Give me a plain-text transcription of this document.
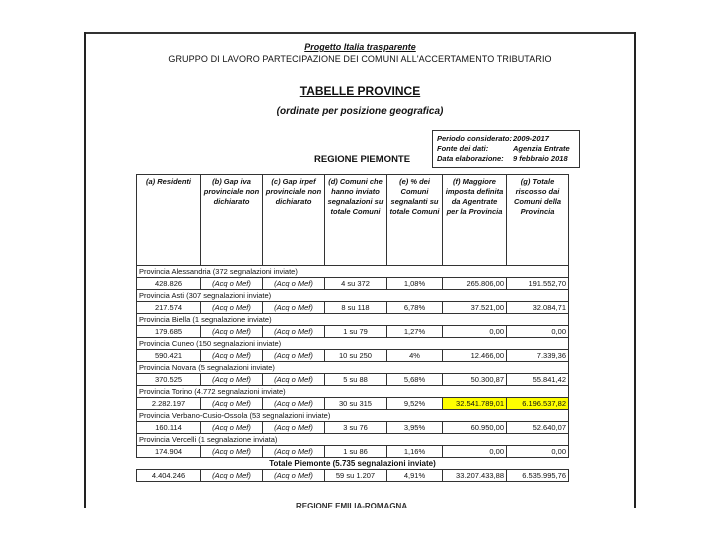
Progetto Italia trasparente
GRUPPO DI LAVORO PARTECIPAZIONE DEI COMUNI ALL'ACCERTAMENTO TRIBUTARIO
TABELLE PROVINCE
(ordinate per posizione geografica)
Periodo considerato: 2009-2017
Fonte dei dati:	Agenzia Entrate
Data elaborazione:	9 febbraio 2018
REGIONE PIEMONTE
(a) Residenti	(b) Gap iva provinciale non dichiarato	(c) Gap irpef provinciale non dichiarato	(d) Comuni che hanno inviato segnalazioni su totale Comuni	(e) % dei Comuni segnalanti su totale Comuni	(f) Maggiore imposta definita da Agentrate per la Provincia	(g) Totale riscosso dai Comuni della Provincia
Provincia Alessandria (372 segnalazioni inviate)						
428.826	(Acq o Mef)	(Acq o Mef)	4 su 372	1,08%	265.806,00	191.552,70
Provincia Asti (307 segnalazioni inviate)						
217.574	(Acq o Mef)	(Acq o Mef)	8 su 118	6,78%	37.521,00	32.084,71
Provincia Biella (1 segnalazione inviate)						
179.685	(Acq o Mef)	(Acq o Mef)	1 su 79	1,27%	0,00	0,00
Provincia Cuneo (150 segnalazioni inviate)						
590.421	(Acq o Mef)	(Acq o Mef)	10 su 250	4%	12.466,00	7.339,36
Provincia Novara (5 segnalazioni inviate)						
370.525	(Acq o Mef)	(Acq o Mef)	5 su 88	5,68%	50.300,87	55.841,42
Provincia Torino (4.772 segnalazioni inviate)						
2.282.197	(Acq o Mef)	(Acq o Mef)	30 su 315	9,52%	32.541.789,01	6.196.537,82
Provincia Verbano-Cusio-Ossola (53 segnalazioni inviate)						
160.114	(Acq o Mef)	(Acq o Mef)	3 su 76	3,95%	60.950,00	52.640,07
Provincia Vercelli (1 segnalazione inviata)						
174.904	(Acq o Mef)	(Acq o Mef)	1 su 86	1,16%	0,00	0,00
Totale Piemonte (5.735 segnalazioni inviate)						
4.404.246	(Acq o Mef)	(Acq o Mef)	59 su 1.207	4,91%	33.207.433,88	6.535.995,76
REGIONE EMILIA-ROMAGNA
